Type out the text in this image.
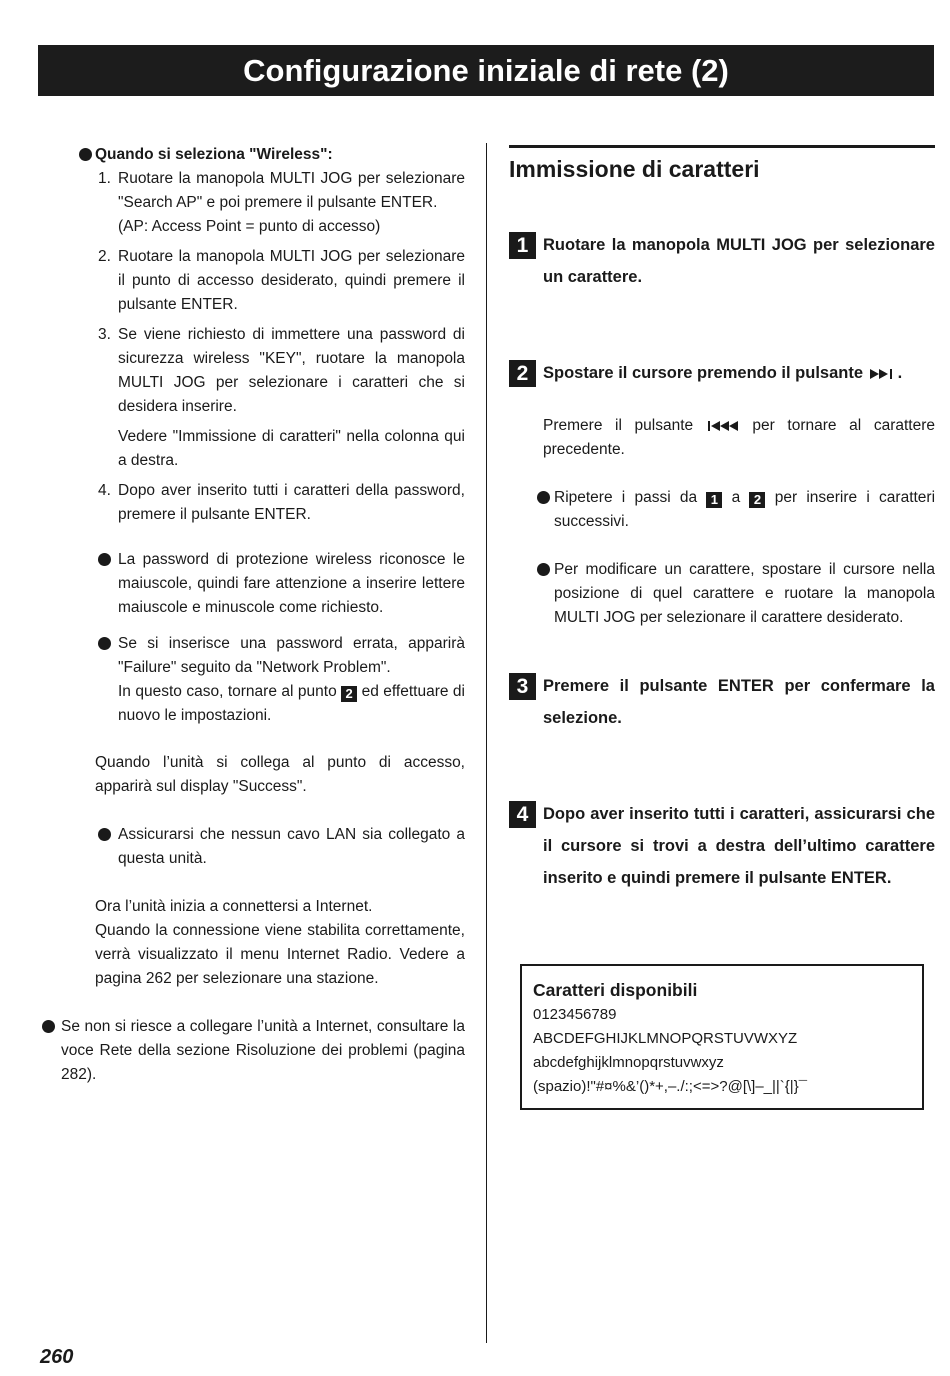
Configurazione iniziale di rete (2)
Quando si seleziona "Wireless":
1. Ruotare la manopola MULTI JOG per selezionare "Search AP" e poi premere il pulsante ENTER.
(AP: Access Point = punto di accesso)
2. Ruotare la manopola MULTI JOG per selezionare il punto di accesso desiderato, quindi premere il pulsante ENTER.
3. Se viene richiesto di immettere una password di sicurezza wireless "KEY", ruotare la manopola MULTI JOG per selezionare i caratteri che si desidera inserire.
Vedere "Immissione di caratteri" nella colonna qui a destra.
4. Dopo aver inserito tutti i caratteri della password, premere il pulsante ENTER.
La password di protezione wireless riconosce le maiuscole, quindi fare attenzione a inserire lettere maiuscole e minuscole come richiesto.
Se si inserisce una password errata, apparirà "Failure" seguito da "Network Problem".
In questo caso, tornare al punto 2 ed effettuare di nuovo le impostazioni.
Quando l’unità si collega al punto di accesso, apparirà sul display "Success".
Assicurarsi che nessun cavo LAN sia collegato a questa unità.
Ora l’unità inizia a connettersi a Internet.
Quando la connessione viene stabilita correttamente, verrà visualizzato il menu Internet Radio. Vedere a pagina 262 per selezionare una stazione.
Se non si riesce a collegare l’unità a Internet, consultare la voce Rete della sezione Risoluzione dei problemi (pagina 282).
Immissione di caratteri
1 Ruotare la manopola MULTI JOG per selezionare un carattere.
2 Spostare il cursore premendo il pulsante .
Premere il pulsante	per tornare al carattere precedente.
Ripetere i passi da 1 a 2 per inserire i caratteri successivi.
Per modificare un carattere, spostare il cursore nella posizione di quel carattere e ruotare la manopola MULTI JOG per selezionare il carattere desiderato.
3 Premere il pulsante ENTER per confermare la selezione.
4 Dopo aver inserito tutti i caratteri, assicurarsi che il cursore si trovi a destra dell’ultimo carattere inserito e quindi premere il pulsante ENTER.
Caratteri disponibili
0123456789
ABCDEFGHIJKLMNOPQRSTUVWXYZ
abcdefghijklmnopqrstuvwxyz
(spazio)!"#¤%&’()*+,–./:;<=>?@[\]–_||`{|}¯
260
